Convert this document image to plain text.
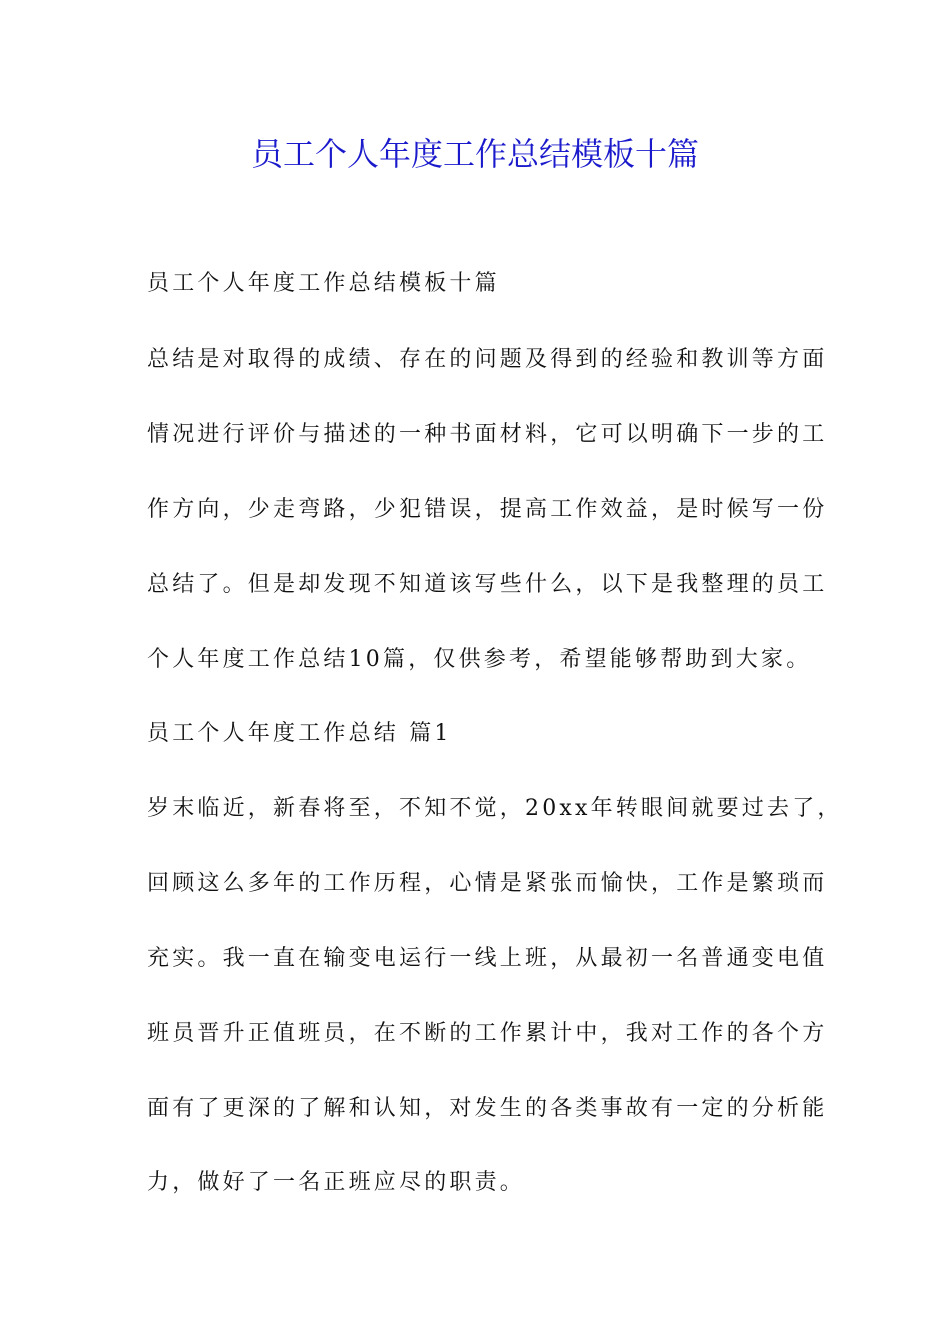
员工个人年度工作总结模板十篇
员工个人年度工作总结模板十篇
总结是对取得的成绩、存在的问题及得到的经验和教训等方面
情况进行评价与描述的一种书面材料，它可以明确下一步的工
作方向，少走弯路，少犯错误，提高工作效益，是时候写一份
总结了。但是却发现不知道该写些什么，以下是我整理的员工
个人年度工作总结10篇，仅供参考，希望能够帮助到大家。
员工个人年度工作总结 篇1
岁末临近，新春将至，不知不觉，20xx年转眼间就要过去了，
回顾这么多年的工作历程，心情是紧张而愉快，工作是繁琐而
充实。我一直在输变电运行一线上班，从最初一名普通变电值
班员晋升正值班员，在不断的工作累计中，我对工作的各个方
面有了更深的了解和认知，对发生的各类事故有一定的分析能
力，做好了一名正班应尽的职责。
